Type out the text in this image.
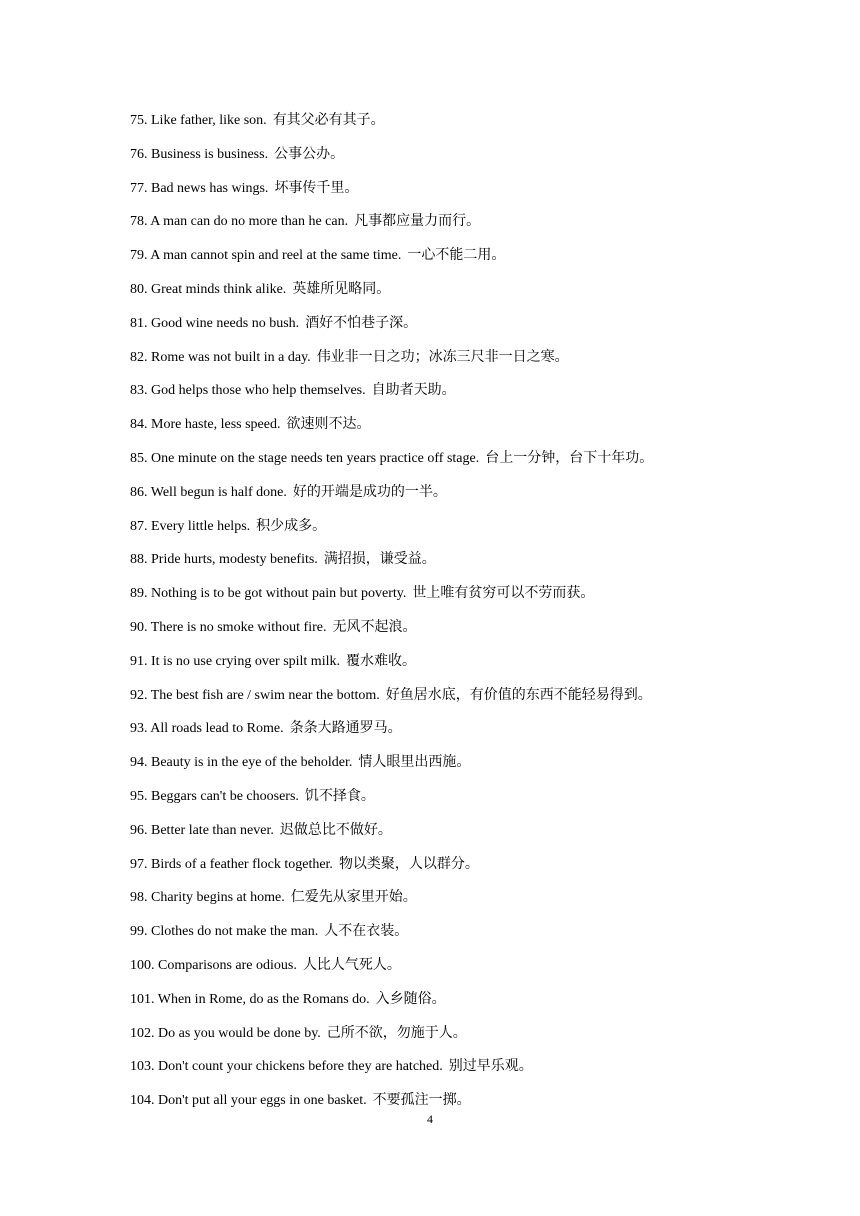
75. Like father, like son. 有其父必有其子。
76. Business is business. 公事公办。
77. Bad news has wings. 坏事传千里。
78. A man can do no more than he can. 凡事都应量力而行。
79. A man cannot spin and reel at the same time. 一心不能二用。
80. Great minds think alike. 英雄所见略同。
81. Good wine needs no bush. 酒好不怕巷子深。
82. Rome was not built in a day. 伟业非一日之功；冰冻三尺非一日之寒。
83. God helps those who help themselves. 自助者天助。
84. More haste, less speed. 欲速则不达。
85. One minute on the stage needs ten years practice off stage. 台上一分钟，台下十年功。
86. Well begun is half done. 好的开端是成功的一半。
87. Every little helps. 积少成多。
88. Pride hurts, modesty benefits. 满招损，谦受益。
89. Nothing is to be got without pain but poverty. 世上唯有贫穷可以不劳而获。
90. There is no smoke without fire. 无风不起浪。
91. It is no use crying over spilt milk. 覆水难收。
92. The best fish are / swim near the bottom. 好鱼居水底，有价值的东西不能轻易得到。
93. All roads lead to Rome. 条条大路通罗马。
94. Beauty is in the eye of the beholder. 情人眼里出西施。
95. Beggars can't be choosers. 饥不择食。
96. Better late than never. 迟做总比不做好。
97. Birds of a feather flock together. 物以类聚，人以群分。
98. Charity begins at home. 仁爱先从家里开始。
99. Clothes do not make the man. 人不在衣装。
100. Comparisons are odious. 人比人气死人。
101. When in Rome, do as the Romans do. 入乡随俗。
102. Do as you would be done by. 己所不欲，勿施于人。
103. Don't count your chickens before they are hatched. 别过早乐观。
104. Don't put all your eggs in one basket. 不要孤注一掷。
4
